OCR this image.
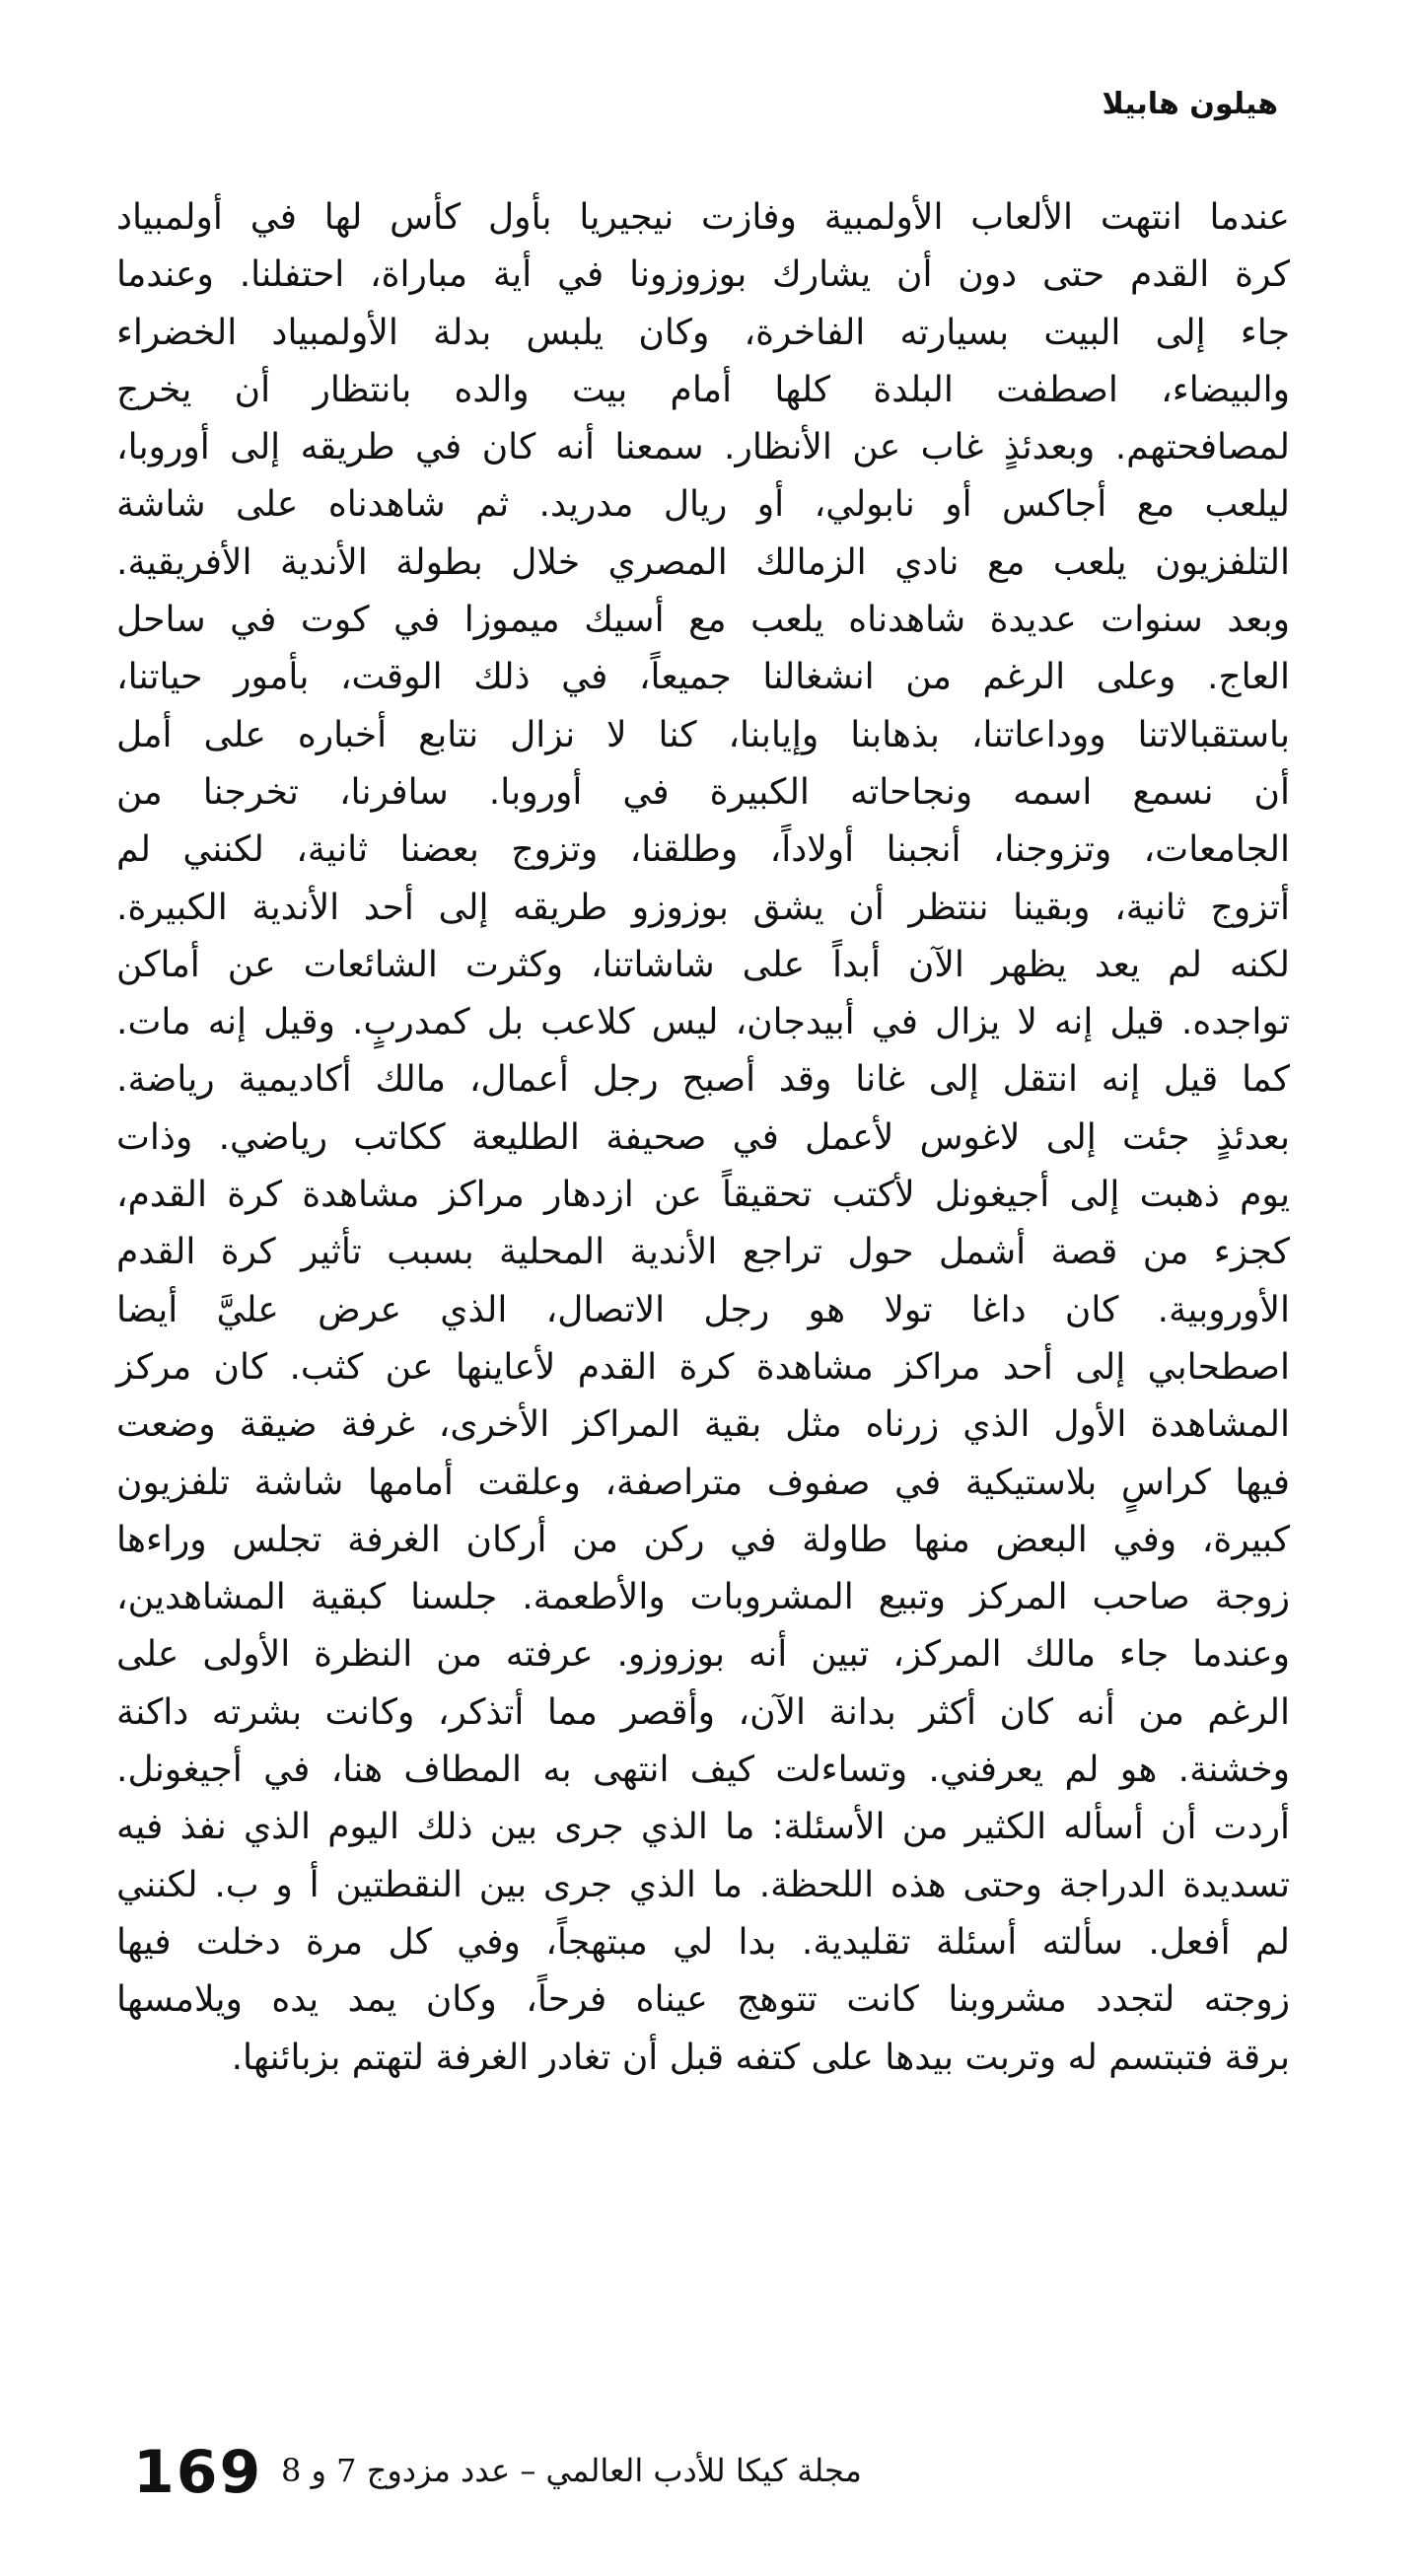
هيلون هابيلا
عندما انتهت الألعاب الأولمبية وفازت نيجيريا بأول كأس لها في أولمبياد
كرة القدم حتى دون أن يشارك بوزوزونا في أية مباراة، احتفلنا. وعندما
جاء إلى البيت بسيارته الفاخرة، وكان يلبس بدلة الأولمبياد الخضراء
والبيضاء، اصطفت البلدة كلها أمام بيت والده بانتظار أن يخرج
لمصافحتهم. وبعدئذٍ غاب عن الأنظار. سمعنا أنه كان في طريقه إلى أوروبا،
ليلعب مع أجاكس أو نابولي، أو ريال مدريد. ثم شاهدناه على شاشة
التلفزيون يلعب مع نادي الزمالك المصري خلال بطولة الأندية الأفريقية.
وبعد سنوات عديدة شاهدناه يلعب مع أسيك ميموزا في كوت في ساحل
العاج. وعلى الرغم من انشغالنا جميعاً، في ذلك الوقت، بأمور حياتنا،
باستقبالاتنا ووداعاتنا، بذهابنا وإيابنا، كنا لا نزال نتابع أخباره على أمل
أن نسمع اسمه ونجاحاته الكبيرة في أوروبا. سافرنا، تخرجنا من
الجامعات، وتزوجنا، أنجبنا أولاداً، وطلقنا، وتزوج بعضنا ثانية، لكنني لم
أتزوج ثانية، وبقينا ننتظر أن يشق بوزوزو طريقه إلى أحد الأندية الكبيرة.
لكنه لم يعد يظهر الآن أبداً على شاشاتنا، وكثرت الشائعات عن أماكن
تواجده. قيل إنه لا يزال في أبيدجان، ليس كلاعب بل كمدربٍ. وقيل إنه مات.
كما قيل إنه انتقل إلى غانا وقد أصبح رجل أعمال، مالك أكاديمية رياضة.
بعدئذٍ جئت إلى لاغوس لأعمل في صحيفة الطليعة ككاتب رياضي. وذات
يوم ذهبت إلى أجيغونل لأكتب تحقيقاً عن ازدهار مراكز مشاهدة كرة القدم،
كجزء من قصة أشمل حول تراجع الأندية المحلية بسبب تأثير كرة القدم
الأوروبية. كان داغا تولا هو رجل الاتصال، الذي عرض عليَّ أيضا
اصطحابي إلى أحد مراكز مشاهدة كرة القدم لأعاينها عن كثب. كان مركز
المشاهدة الأول الذي زرناه مثل بقية المراكز الأخرى، غرفة ضيقة وضعت
فيها كراسٍ بلاستيكية في صفوف متراصفة، وعلقت أمامها شاشة تلفزيون
كبيرة، وفي البعض منها طاولة في ركن من أركان الغرفة تجلس وراءها
زوجة صاحب المركز وتبيع المشروبات والأطعمة. جلسنا كبقية المشاهدين،
وعندما جاء مالك المركز، تبين أنه بوزوزو. عرفته من النظرة الأولى على
الرغم من أنه كان أكثر بدانة الآن، وأقصر مما أتذكر، وكانت بشرته داكنة
وخشنة. هو لم يعرفني. وتساءلت كيف انتهى به المطاف هنا، في أجيغونل.
أردت أن أسأله الكثير من الأسئلة: ما الذي جرى بين ذلك اليوم الذي نفذ فيه
تسديدة الدراجة وحتى هذه اللحظة. ما الذي جرى بين النقطتين أ و ب. لكنني
لم أفعل. سألته أسئلة تقليدية. بدا لي مبتهجاً، وفي كل مرة دخلت فيها
زوجته لتجدد مشروبنا كانت تتوهج عيناه فرحاً، وكان يمد يده ويلامسها
برقة فتبتسم له وتربت بيدها على كتفه قبل أن تغادر الغرفة لتهتم بزبائنها.
169 مجلة كيكا للأدب العالمي – عدد مزدوج 7 و 8
